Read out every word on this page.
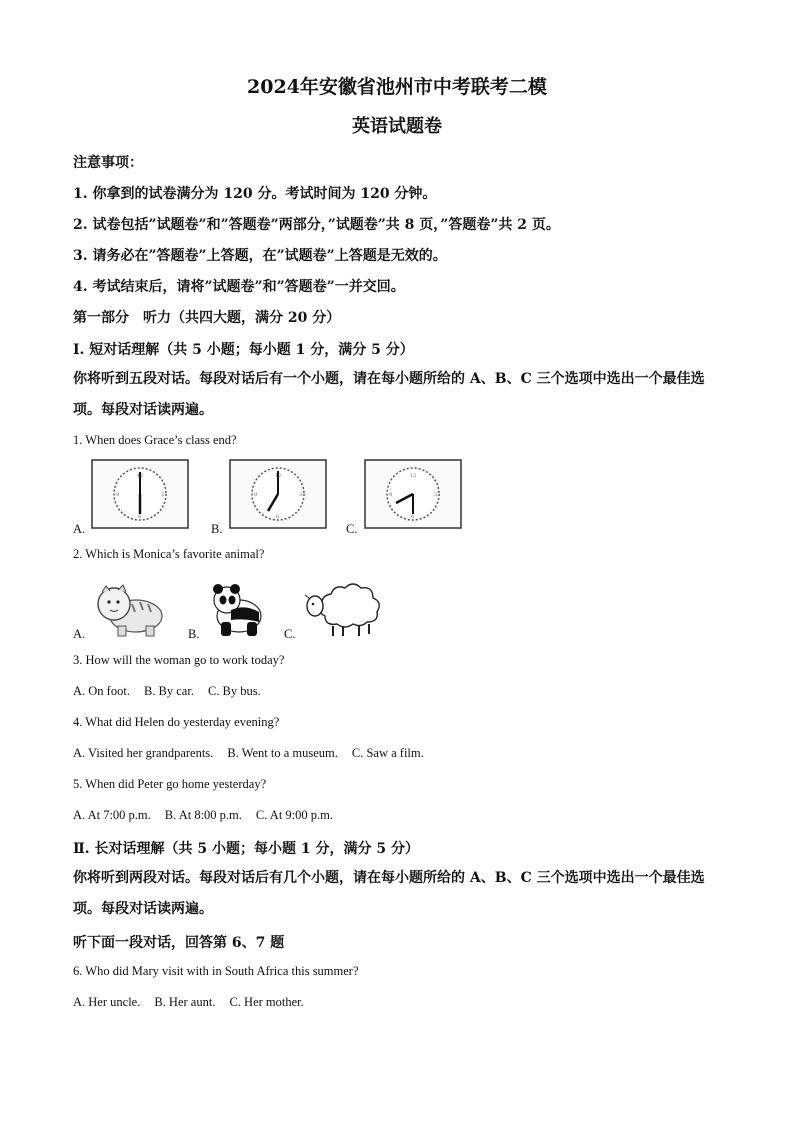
2024年安徽省池州市中考联考二模
英语试题卷
注意事项：
1. 你拿到的试卷满分为 120 分。考试时间为 120 分钟。
2. 试卷包括”试题卷”和”答题卷”两部分，”试题卷”共 8 页，”答题卷”共 2 页。
3. 请务必在”答题卷”上答题，在”试题卷”上答题是无效的。
4. 考试结束后，请将”试题卷”和”答题卷”一并交回。
第一部分　听力（共四大题，满分 20 分）
Ⅰ. 短对话理解（共 5 小题；每小题 1 分，满分 5 分）
你将听到五段对话。每段对话后有一个小题，请在每小题所给的 A、B、C 三个选项中选出一个最佳选项。每段对话读两遍。
1. When does Grace’s class end?
12
3
6
9
A.
12
3
6
9
B.
12
3
6
9
C.
2. Which is Monica’s favorite animal?
A.	B.	C.
3. How will the woman go to work today?
A. On foot. B. By car. C. By bus.
4. What did Helen do yesterday evening?
A. Visited her grandparents. B. Went to a museum. C. Saw a film.
5. When did Peter go home yesterday?
A. At 7:00 p.m. B. At 8:00 p.m. C. At 9:00 p.m.
Ⅱ. 长对话理解（共 5 小题；每小题 1 分，满分 5 分）
你将听到两段对话。每段对话后有几个小题，请在每小题所给的 A、B、C 三个选项中选出一个最佳选项。每段对话读两遍。
听下面一段对话，回答第 6、7 题
6. Who did Mary visit with in South Africa this summer?
A. Her uncle. B. Her aunt. C. Her mother.
